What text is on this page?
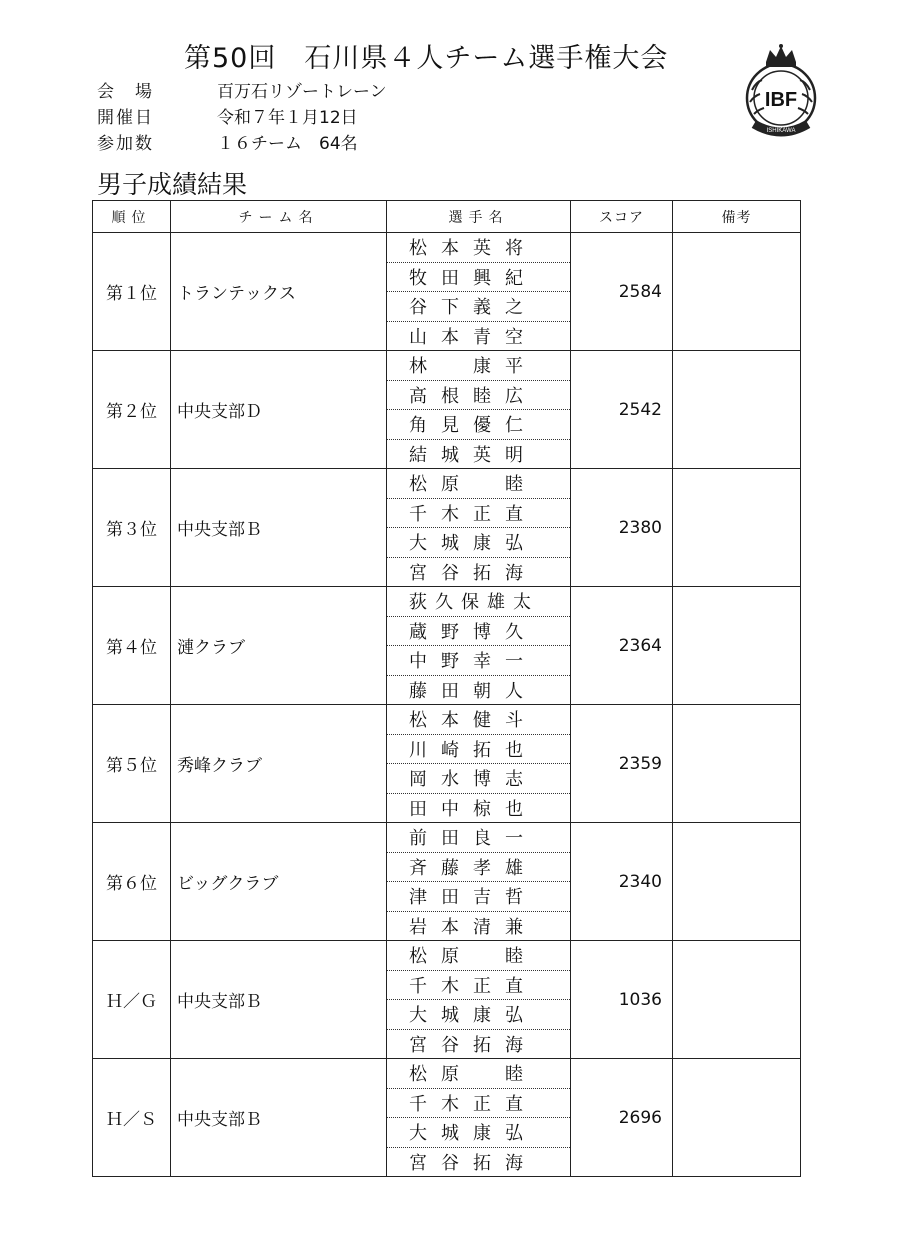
第50回　石川県４人チーム選手権大会
会　場	百万石リゾートレーン
開催日	令和７年１月12日
参加数	１６チーム　64名
IBF
ISHIKAWA
男子成績結果
順位	チーム名	選手名	スコア	備考
第１位	トランテックス	松本英将
牧田興紀
谷下義之
山本青空	2584	
第２位	中央支部Ｄ	林　康平
高根睦広
角見優仁
結城英明	2542	
第３位	中央支部Ｂ	松原　睦
千木正直
大城康弘
宮谷拓海	2380	
第４位	漣クラブ	荻久保雄太
蔵野博久
中野幸一
藤田朝人	2364	
第５位	秀峰クラブ	松本健斗
川崎拓也
岡水博志
田中椋也	2359	
第６位	ビッグクラブ	前田良一
斉藤孝雄
津田吉哲
岩本清兼	2340	
Ｈ／Ｇ	中央支部Ｂ	松原　睦
千木正直
大城康弘
宮谷拓海	1036	
Ｈ／Ｓ	中央支部Ｂ	松原　睦
千木正直
大城康弘
宮谷拓海	2696	
